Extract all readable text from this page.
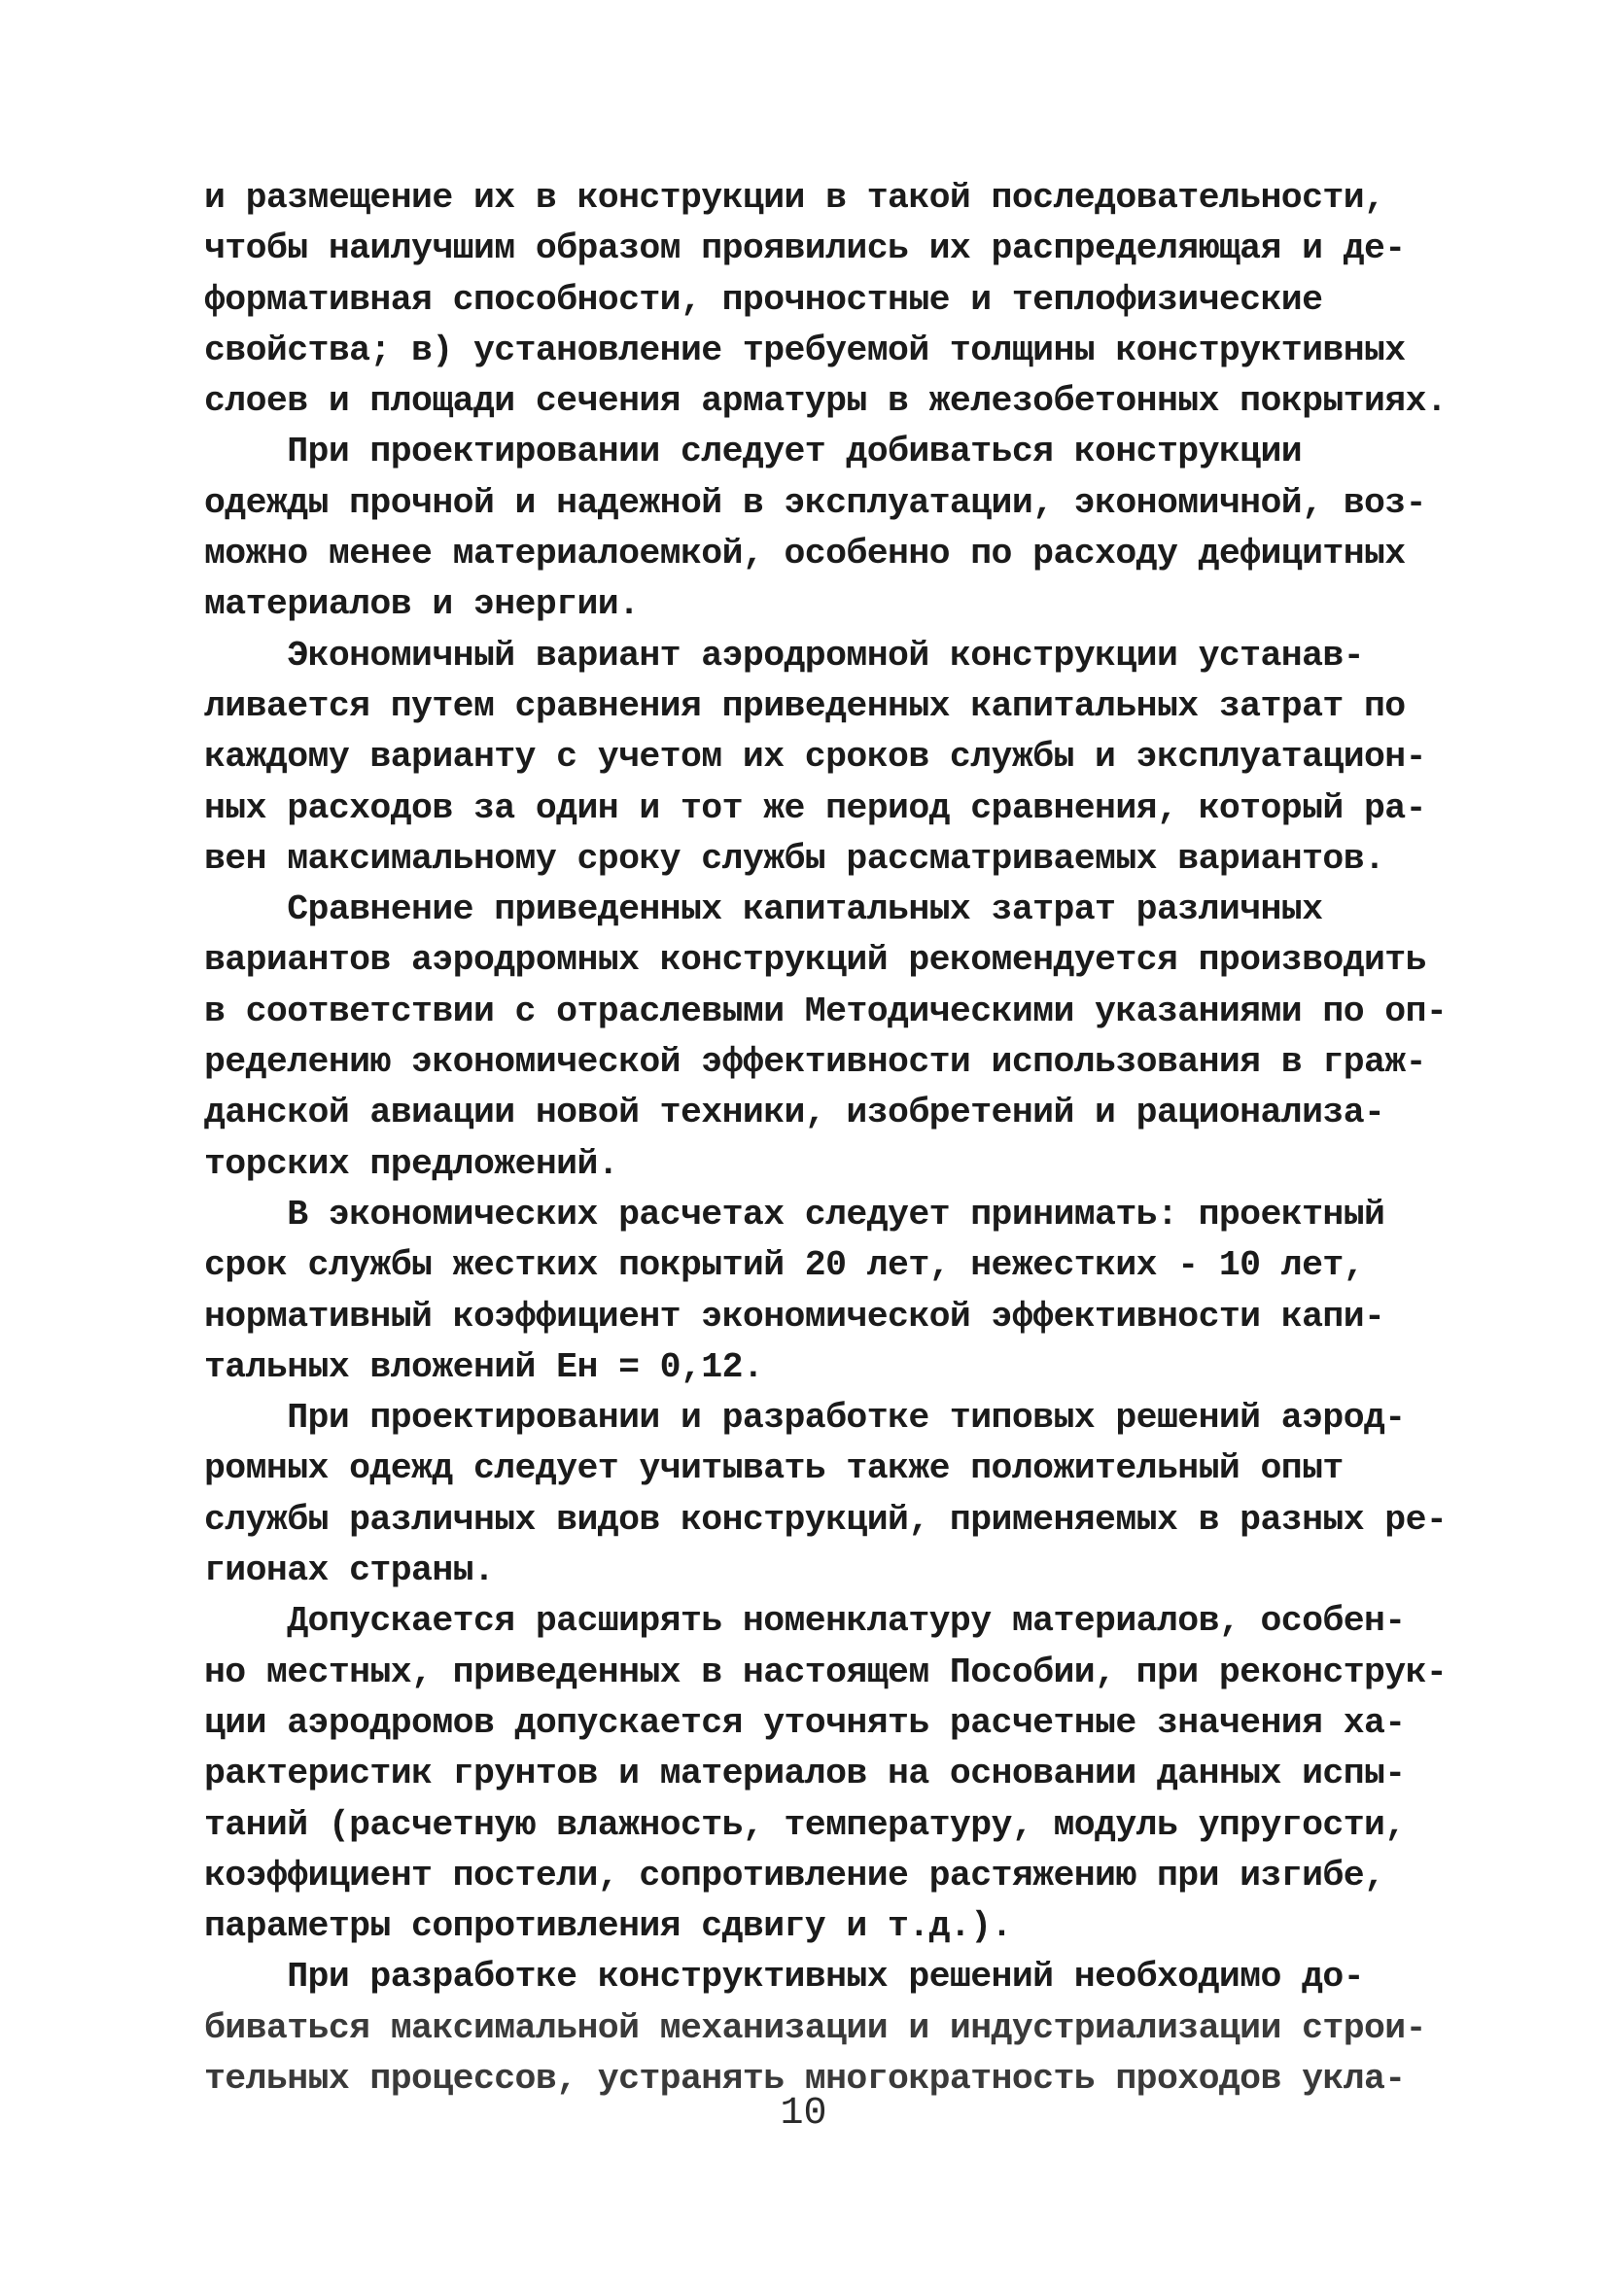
и размещение их в конструкции в такой последовательности,
чтобы наилучшим образом проявились их распределяющая и де-
формативная способности, прочностные и теплофизические
свойства; в) установление требуемой толщины конструктивных
слоев и площади сечения арматуры в железобетонных покрытиях.
При проектировании следует добиваться конструкции
одежды прочной и надежной в эксплуатации, экономичной, воз-
можно менее материалоемкой, особенно по расходу дефицитных
материалов и энергии.
Экономичный вариант аэродромной конструкции устанав-
ливается путем сравнения приведенных капитальных затрат по
каждому варианту с учетом их сроков службы и эксплуатацион-
ных расходов за один и тот же период сравнения, который ра-
вен максимальному сроку службы рассматриваемых вариантов.
Сравнение приведенных капитальных затрат различных
вариантов аэродромных конструкций рекомендуется производить
в соответствии с отраслевыми Методическими указаниями по оп-
ределению экономической эффективности использования в граж-
данской авиации новой техники, изобретений и рационализа-
торских предложений.
В экономических расчетах следует принимать: проектный
срок службы жестких покрытий 20 лет, нежестких - 10 лет,
нормативный коэффициент экономической эффективности капи-
тальных вложений Ен = 0,12.
При проектировании и разработке типовых решений аэрод-
ромных одежд следует учитывать также положительный опыт
службы различных видов конструкций, применяемых в разных ре-
гионах страны.
Допускается расширять номенклатуру материалов, особен-
но местных, приведенных в настоящем Пособии, при реконструк-
ции аэродромов допускается уточнять расчетные значения ха-
рактеристик грунтов и материалов на основании данных испы-
таний (расчетную влажность, температуру, модуль упругости,
коэффициент постели, сопротивление растяжению при изгибе,
параметры сопротивления сдвигу и т.д.).
При разработке конструктивных решений необходимо до-
биваться максимальной механизации и индустриализации строи-
тельных процессов, устранять многократность проходов укла-
10
